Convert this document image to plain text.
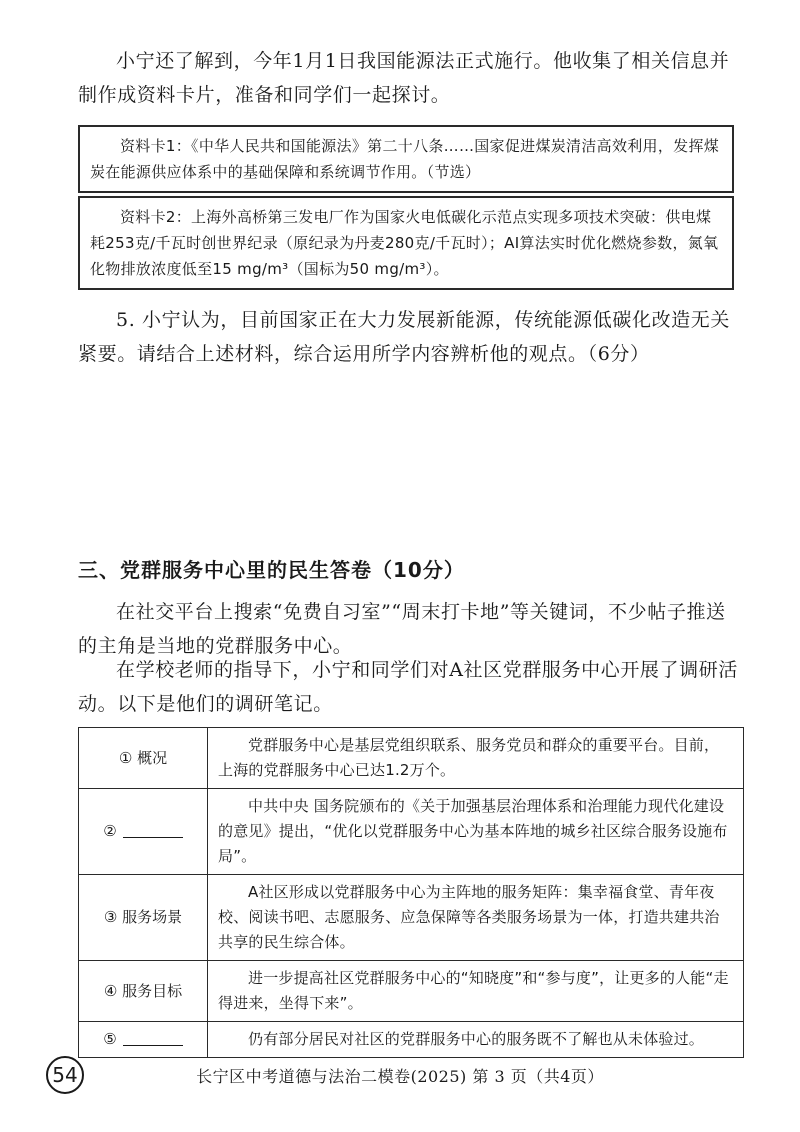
小宁还了解到，今年1月1日我国能源法正式施行。他收集了相关信息并制作成资料卡片，准备和同学们一起探讨。

资料卡1：《中华人民共和国能源法》第二十八条……国家促进煤炭清洁高效利用，发挥煤炭在能源供应体系中的基础保障和系统调节作用。（节选）
资料卡2：上海外高桥第三发电厂作为国家火电低碳化示范点实现多项技术突破：供电煤耗253克/千瓦时创世界纪录（原纪录为丹麦280克/千瓦时）；AI算法实时优化燃烧参数，氮氧化物排放浓度低至15 mg/m³（国标为50 mg/m³）。

5. 小宁认为，目前国家正在大力发展新能源，传统能源低碳化改造无关紧要。请结合上述材料，综合运用所学内容辨析他的观点。（6分）

三、党群服务中心里的民生答卷（10分）

在社交平台上搜索“免费自习室”“周末打卡地”等关键词，不少帖子推送的主角是当地的党群服务中心。

在学校老师的指导下，小宁和同学们对A社区党群服务中心开展了调研活动。以下是他们的调研笔记。

① 概况	党群服务中心是基层党组织联系、服务党员和群众的重要平台。目前，上海的党群服务中心已达1.2万个。
②	中共中央 国务院颁布的《关于加强基层治理体系和治理能力现代化建设的意见》提出，“优化以党群服务中心为基本阵地的城乡社区综合服务设施布局”。
③ 服务场景	A社区形成以党群服务中心为主阵地的服务矩阵：集幸福食堂、青年夜校、阅读书吧、志愿服务、应急保障等各类服务场景为一体，打造共建共治共享的民生综合体。
④ 服务目标	进一步提高社区党群服务中心的“知晓度”和“参与度”，让更多的人能“走得进来，坐得下来”。
⑤	仍有部分居民对社区的党群服务中心的服务既不了解也从未体验过。
54	长宁区中考道德与法治二模卷(2025) 第 3 页（共4页）
